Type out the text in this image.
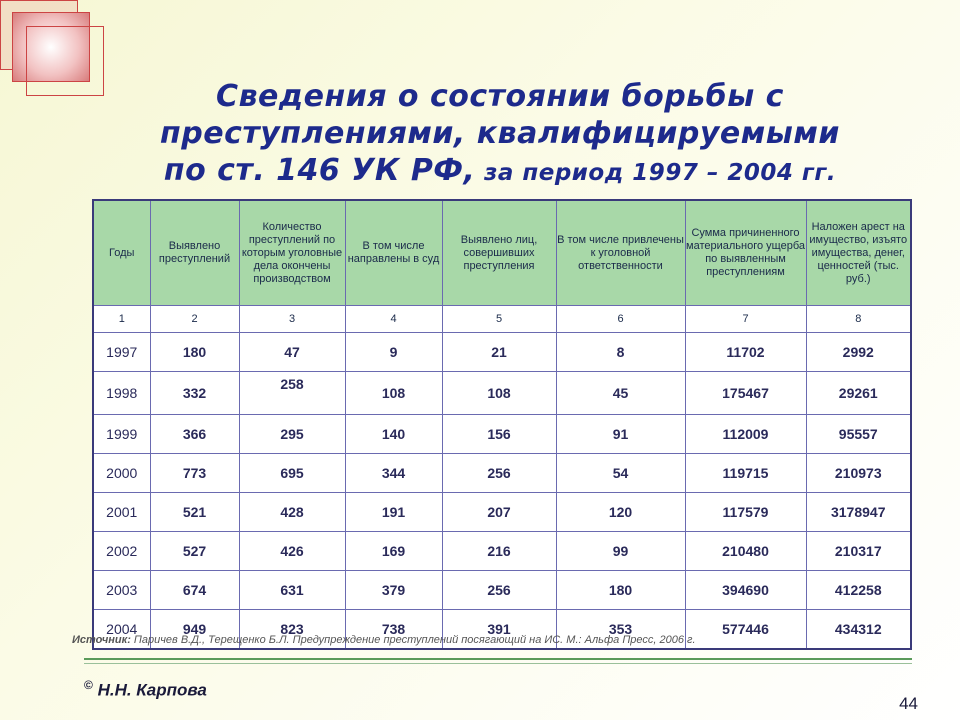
Сведения о состоянии борьбы с
преступлениями, квалифицируемыми
по ст. 146 УК РФ, за период 1997 – 2004 гг.
Годы	Выявлено преступлений	Количество преступлений по которым уголовные дела окончены производством	В том числе направлены в суд	Выявлено лиц, совершивших преступления	В том числе привлечены к уголовной ответственности	Сумма причиненного материального ущерба по выявленным преступлениям	Наложен арест на имущество, изъято имущества, денег, ценностей (тыс. руб.)
1	2	3	4	5	6	7	8
1997	180	47	9	21	8	11702	2992
1998	332	258	108	108	45	175467	29261
1999	366	295	140	156	91	112009	95557
2000	773	695	344	256	54	119715	210973
2001	521	428	191	207	120	117579	3178947
2002	527	426	169	216	99	210480	210317
2003	674	631	379	256	180	394690	412258
2004	949	823	738	391	353	577446	434312
Источник: Паричев В.Д., Терещенко Б.Л. Предупреждение преступлений посягающий на ИС. М.: Альфа Пресс, 2006 г.
© Н.Н. Карпова
44
